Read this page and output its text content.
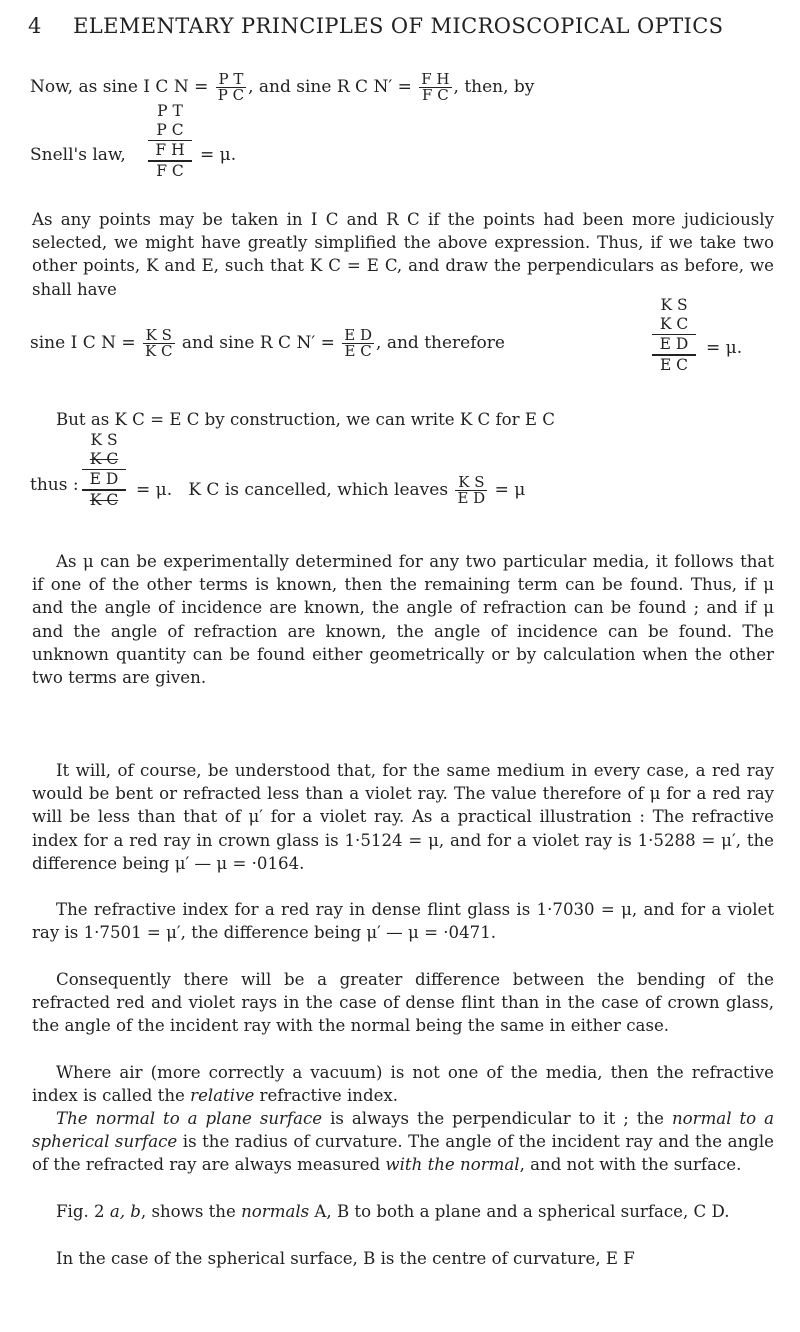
4 ELEMENTARY PRINCIPLES OF MICROSCOPICAL OPTICS
Now, as sine I C $N = \frac{\text{P T}}{\text{P C}}$ , and sine R C $N' = \frac{\text{F H}}{\text{F C}}$ , then, by
Snell's law,
P T
P C
F H
F C
= μ.
As any points may be taken in I C and R C if the points had been more judiciously selected, we might have greatly simplified the above expression. Thus, if we take two other points, K and E, such that K C = E C, and draw the perpendiculars as before, we shall have
sine I C $N = \frac{\text{K S}}{\text{K C}}$ and sine R C $N' = \frac{\text{E D}}{\text{E C}}$ , and therefore
K S
K C
E D
E C
= μ.
But as K C = E C by construction, we can write K C for E C
thus :
K S
K C
E D
K C	= μ. K C is cancelled, which leaves $\frac{\text{K S}}{\text{E D}} = \mu$
As μ can be experimentally determined for any two particular media, it follows that if one of the other terms is known, then the remaining term can be found. Thus, if μ and the angle of incidence are known, the angle of refraction can be found ; and if μ and the angle of refraction are known, the angle of incidence can be found. The unknown quantity can be found either geometrically or by calculation when the other two terms are given.
It will, of course, be understood that, for the same medium in every case, a red ray would be bent or refracted less than a violet ray. The value therefore of μ for a red ray will be less than that of μ′ for a violet ray. As a practical illustration : The refractive index for a red ray in crown glass is 1·5124 = μ, and for a violet ray is 1·5288 = μ′, the difference being μ′ — μ = ·0164.
The refractive index for a red ray in dense flint glass is 1·7030 = μ, and for a violet ray is 1·7501 = μ′, the difference being μ′ — μ = ·0471.
Consequently there will be a greater difference between the bending of the refracted red and violet rays in the case of dense flint than in the case of crown glass, the angle of the incident ray with the normal being the same in either case.
Where air (more correctly a vacuum) is not one of the media, then the refractive index is called the relative refractive index.
The normal to a plane surface is always the perpendicular to it ; the normal to a spherical surface is the radius of curvature. The angle of the incident ray and the angle of the refracted ray are always measured with the normal, and not with the surface.
Fig. 2 a, b, shows the normals A, B to both a plane and a spherical surface, C D.
In the case of the spherical surface, B is the centre of curvature, E F
